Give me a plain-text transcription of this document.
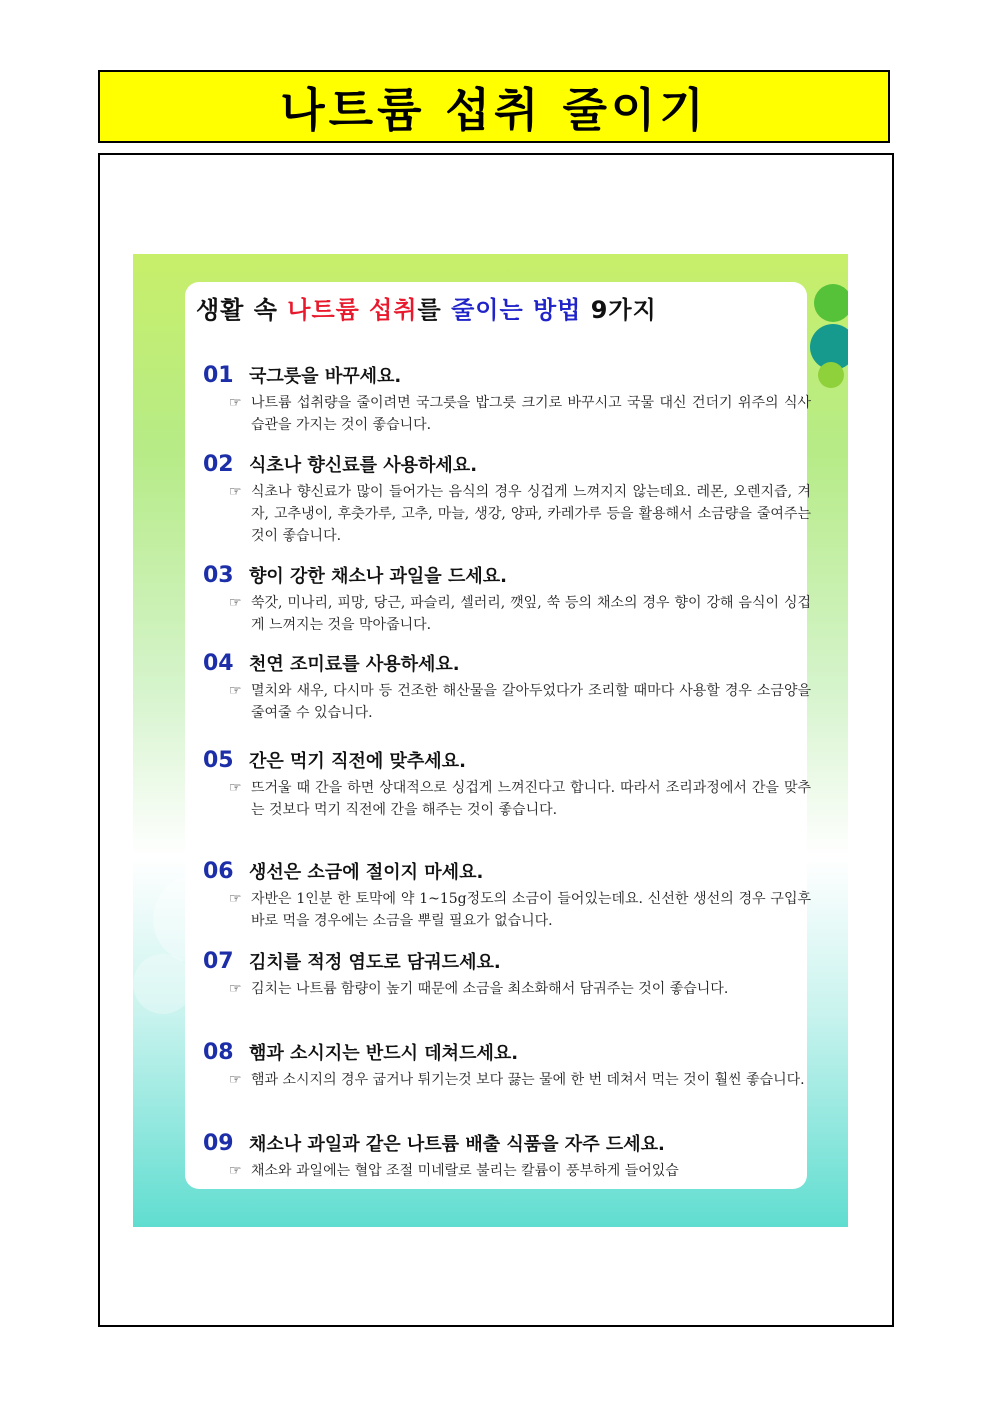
나트륨 섭취 줄이기
생활 속 나트륨 섭취를 줄이는 방법 9가지
01 국그릇을 바꾸세요.
☞ 나트륨 섭취량을 줄이려면 국그릇을 밥그릇 크기로 바꾸시고 국물 대신 건더기 위주의 식사 습관을 가지는 것이 좋습니다.
02 식초나 향신료를 사용하세요.
☞ 식초나 향신료가 많이 들어가는 음식의 경우 싱겁게 느껴지지 않는데요. 레몬, 오렌지즙, 겨자, 고추냉이, 후춧가루, 고추, 마늘, 생강, 양파, 카레가루 등을 활용해서 소금량을 줄여주는 것이 좋습니다.
03 향이 강한 채소나 과일을 드세요.
☞ 쑥갓, 미나리, 피망, 당근, 파슬리, 셀러리, 깻잎, 쑥 등의 채소의 경우 향이 강해 음식이 싱겁게 느껴지는 것을 막아줍니다.
04 천연 조미료를 사용하세요.
☞ 멸치와 새우, 다시마 등 건조한 해산물을 갈아두었다가 조리할 때마다 사용할 경우 소금양을 줄여줄 수 있습니다.
05 간은 먹기 직전에 맞추세요.
☞ 뜨거울 때 간을 하면 상대적으로 싱겁게 느껴진다고 합니다. 따라서 조리과정에서 간을 맞추는 것보다 먹기 직전에 간을 해주는 것이 좋습니다.
06 생선은 소금에 절이지 마세요.
☞ 자반은 1인분 한 토막에 약 1~15g정도의 소금이 들어있는데요. 신선한 생선의 경우 구입후 바로 먹을 경우에는 소금을 뿌릴 필요가 없습니다.
07 김치를 적정 염도로 담궈드세요.
☞ 김치는 나트륨 함량이 높기 때문에 소금을 최소화해서 담궈주는 것이 좋습니다.
08 햄과 소시지는 반드시 데쳐드세요.
☞ 햄과 소시지의 경우 굽거나 튀기는것 보다 끓는 물에 한 번 데쳐서 먹는 것이 훨씬 좋습니다.
09 채소나 과일과 같은 나트륨 배출 식품을 자주 드세요.
☞ 채소와 과일에는 혈압 조절 미네랄로 불리는 칼륨이 풍부하게 들어있습
